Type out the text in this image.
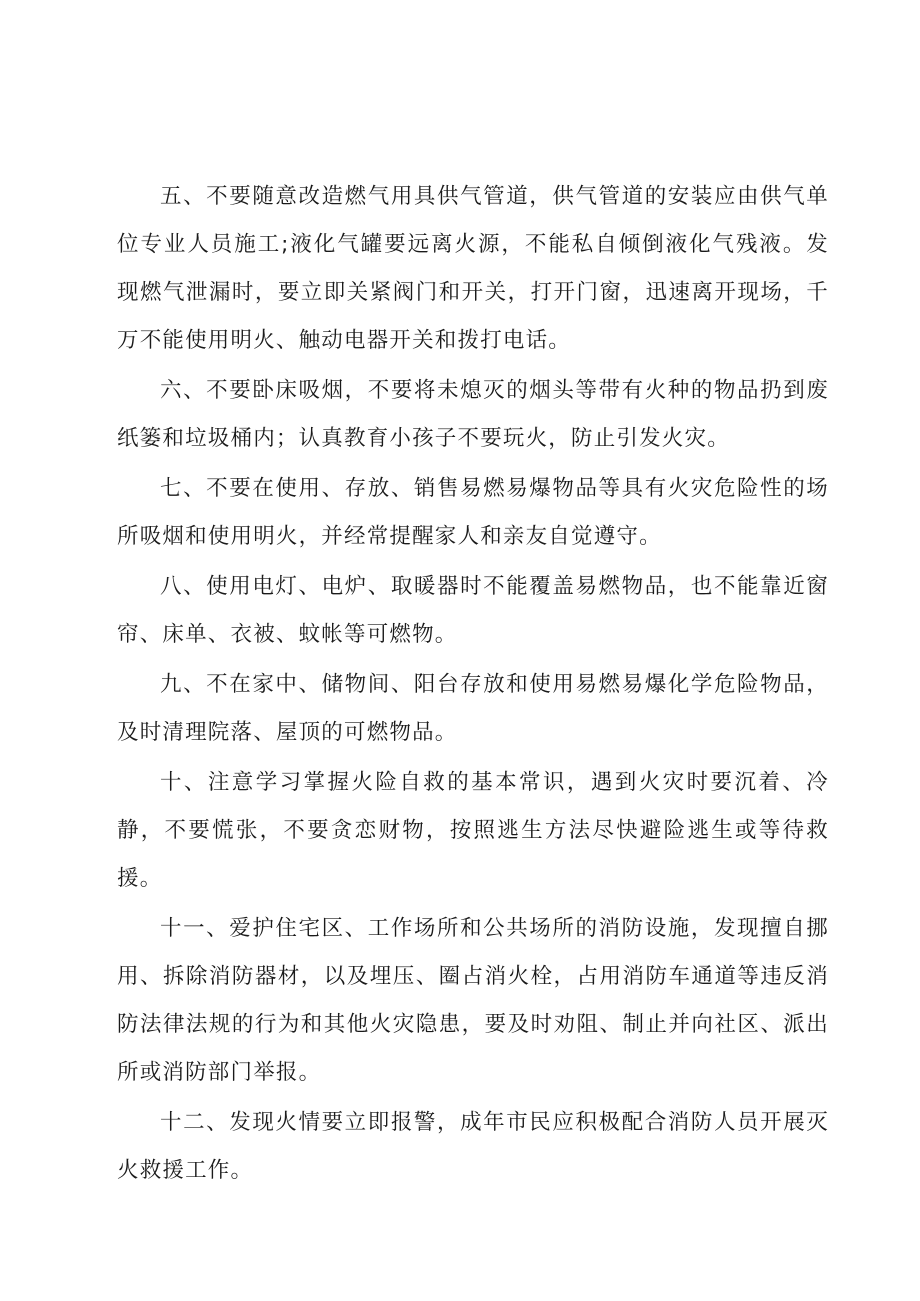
五、不要随意改造燃气用具供气管道，供气管道的安装应由供气单位专业人员施工;液化气罐要远离火源，不能私自倾倒液化气残液。发现燃气泄漏时，要立即关紧阀门和开关，打开门窗，迅速离开现场，千万不能使用明火、触动电器开关和拨打电话。

六、不要卧床吸烟，不要将未熄灭的烟头等带有火种的物品扔到废纸篓和垃圾桶内；认真教育小孩子不要玩火，防止引发火灾。

七、不要在使用、存放、销售易燃易爆物品等具有火灾危险性的场所吸烟和使用明火，并经常提醒家人和亲友自觉遵守。

八、使用电灯、电炉、取暖器时不能覆盖易燃物品，也不能靠近窗帘、床单、衣被、蚊帐等可燃物。

九、不在家中、储物间、阳台存放和使用易燃易爆化学危险物品，及时清理院落、屋顶的可燃物品。

十、注意学习掌握火险自救的基本常识，遇到火灾时要沉着、冷静，不要慌张，不要贪恋财物，按照逃生方法尽快避险逃生或等待救援。

十一、爱护住宅区、工作场所和公共场所的消防设施，发现擅自挪用、拆除消防器材，以及埋压、圈占消火栓，占用消防车通道等违反消防法律法规的行为和其他火灾隐患，要及时劝阻、制止并向社区、派出所或消防部门举报。

十二、发现火情要立即报警，成年市民应积极配合消防人员开展灭火救援工作。
